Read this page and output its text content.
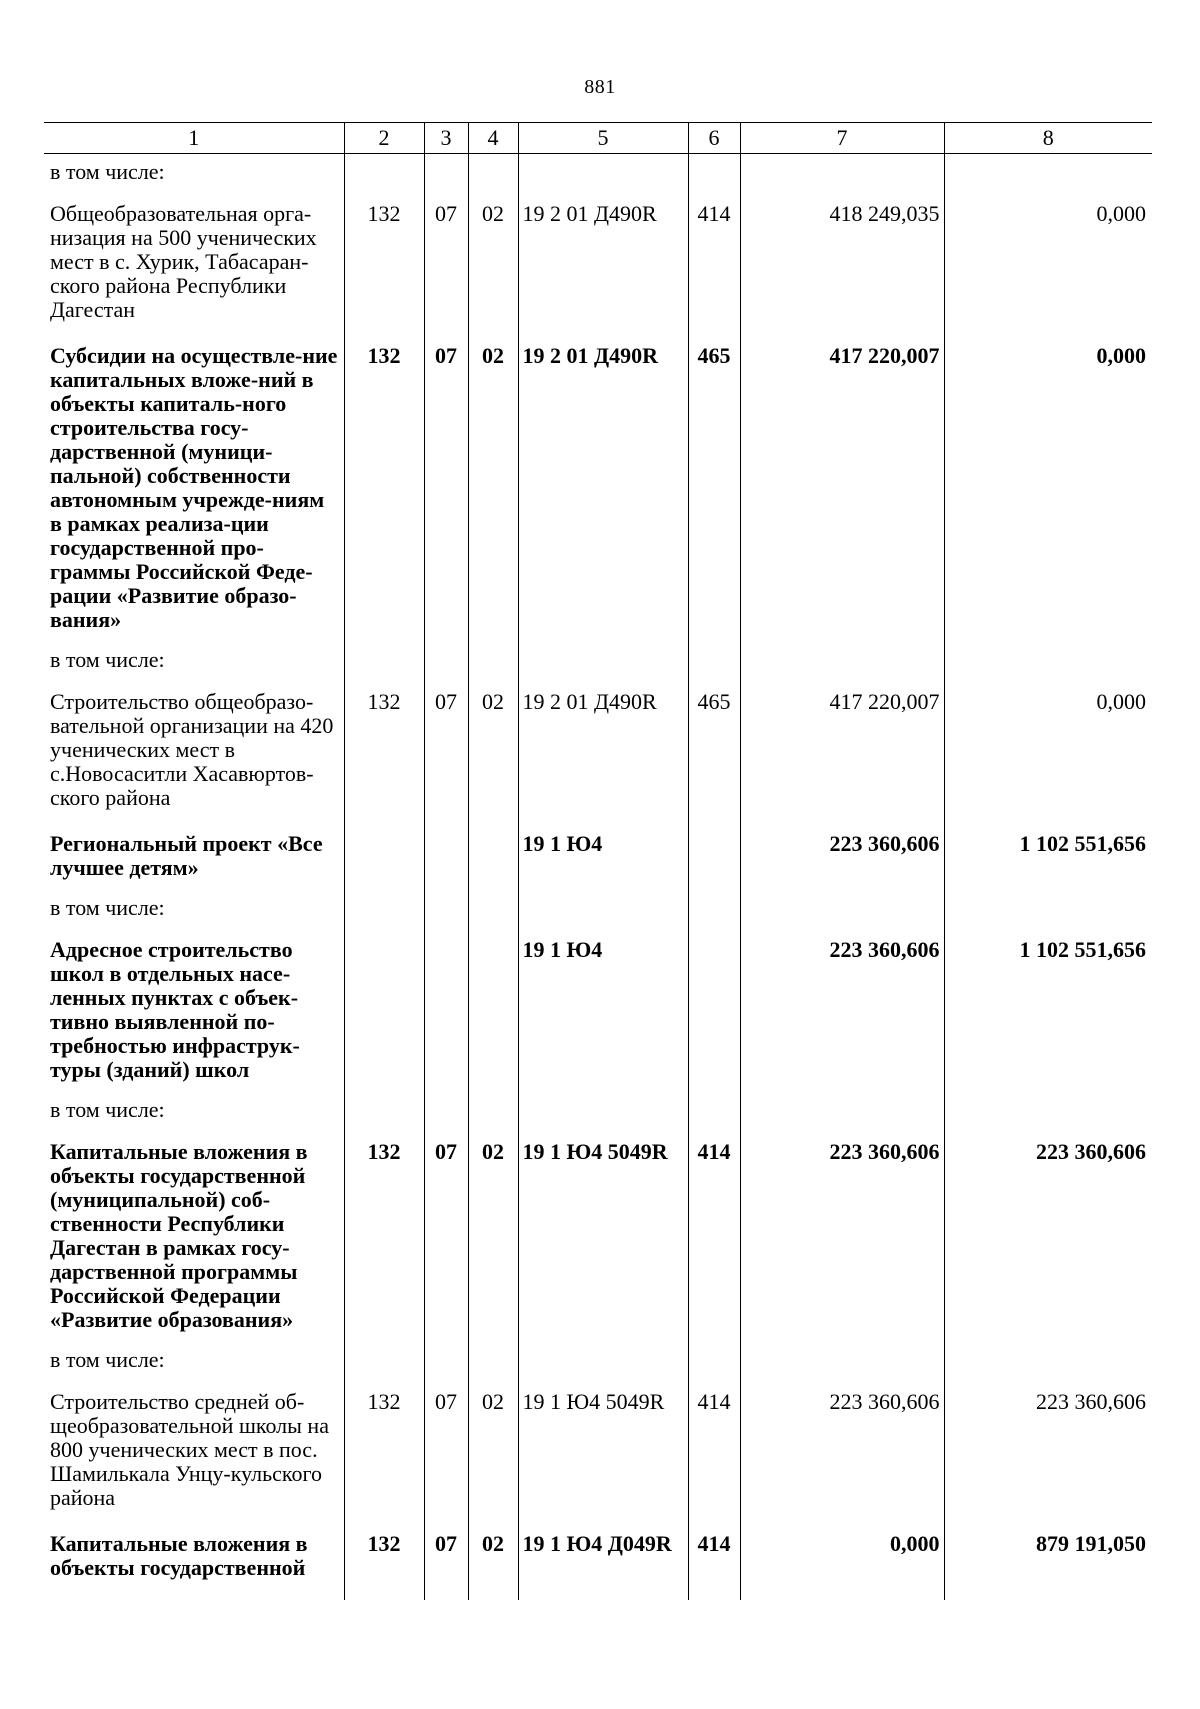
881
1	2	3	4	5	6	7	8
в том числе:							
Общеобразовательная орга-низация на 500 ученических мест в с. Хурик, Табасаран-ского района Республики Дагестан	132	07	02	19 2 01 Д490R	414	418 249,035	0,000
Субсидии на осуществле-ние капитальных вложе-ний в объекты капиталь-ного строительства госу-дарственной (муници-пальной) собственности автономным учрежде-ниям в рамках реализа-ции государственной про-граммы Российской Феде-рации «Развитие образо-вания»	132	07	02	19 2 01 Д490R	465	417 220,007	0,000
в том числе:							
Строительство общеобразо-вательной организации на 420 ученических мест в с.Новосаситли Хасавюртов-ского района	132	07	02	19 2 01 Д490R	465	417 220,007	0,000
Региональный проект «Все лучшее детям»				19 1 Ю4		223 360,606	1 102 551,656
в том числе:							
Адресное строительство школ в отдельных насе-ленных пунктах с объек-тивно выявленной по-требностью инфраструк-туры (зданий) школ				19 1 Ю4		223 360,606	1 102 551,656
в том числе:							
Капитальные вложения в объекты государственной (муниципальной) соб-ственности Республики Дагестан в рамках госу-дарственной программы Российской Федерации «Развитие образования»	132	07	02	19 1 Ю4 5049R	414	223 360,606	223 360,606
в том числе:							
Строительство средней об-щеобразовательной школы на 800 ученических мест в пос. Шамилькала Унцу-кульского района	132	07	02	19 1 Ю4 5049R	414	223 360,606	223 360,606
Капитальные вложения в объекты государственной	132	07	02	19 1 Ю4 Д049R	414	0,000	879 191,050
